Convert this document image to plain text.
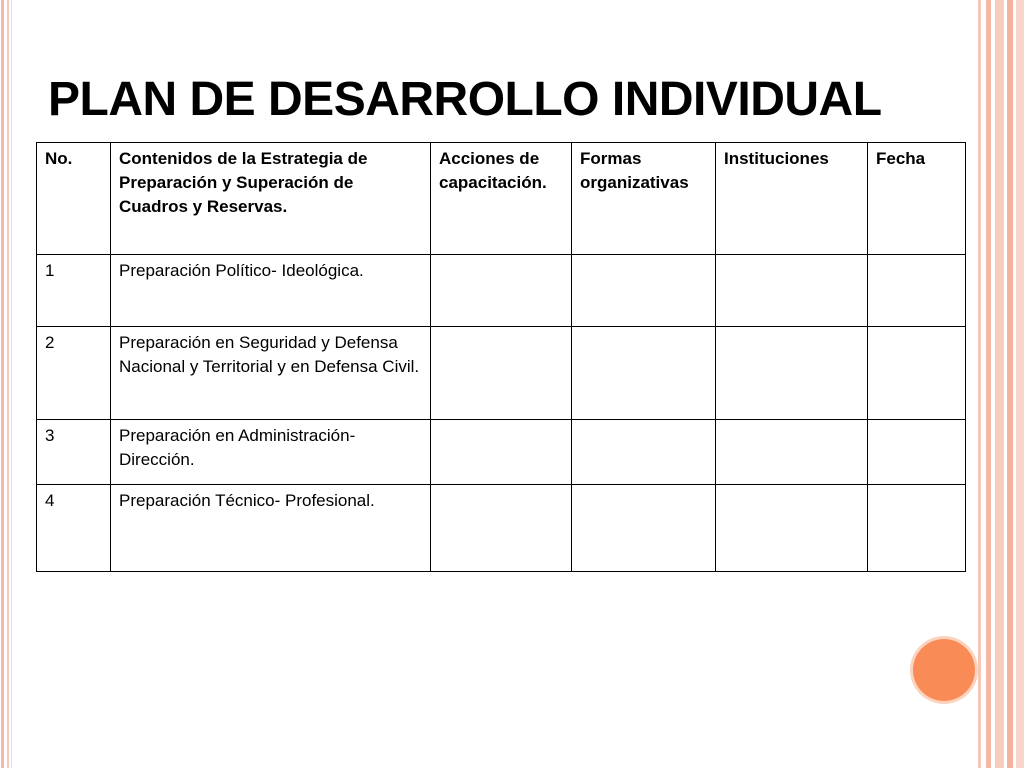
PLAN DE DESARROLLO INDIVIDUAL
No.	Contenidos de la Estrategia de Preparación y Superación de Cuadros y Reservas.	Acciones de capacitación.	Formas organizativas	Instituciones	Fecha
1	Preparación Político- Ideológica.				
2	Preparación en Seguridad y Defensa Nacional y Territorial y en Defensa Civil.				
3	Preparación en Administración- Dirección.				
4	Preparación Técnico- Profesional.				
